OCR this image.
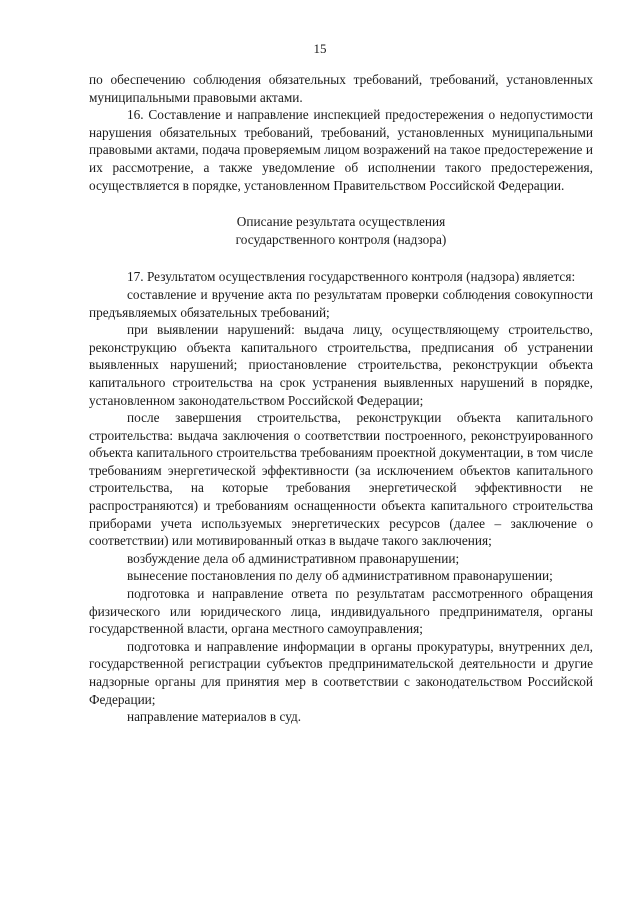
15

по обеспечению соблюдения обязательных требований, требований, установленных муниципальными правовыми актами.

16. Составление и направление инспекцией предостережения о недопустимости нарушения обязательных требований, требований, установленных муниципальными правовыми актами, подача проверяемым лицом возражений на такое предостережение и их рассмотрение, а также уведомление об исполнении такого предостережения, осуществляется в порядке, установленном Правительством Российской Федерации.

Описание результата осуществления
государственного контроля (надзора)

17. Результатом осуществления государственного контроля (надзора) является:

составление и вручение акта по результатам проверки соблюдения совокупности предъявляемых обязательных требований;

при выявлении нарушений: выдача лицу, осуществляющему строительство, реконструкцию объекта капитального строительства, предписания об устранении выявленных нарушений; приостановление строительства, реконструкции объекта капитального строительства на срок устранения выявленных нарушений в порядке, установленном законодательством Российской Федерации;

после завершения строительства, реконструкции объекта капитального строительства: выдача заключения о соответствии построенного, реконструированного объекта капитального строительства требованиям проектной документации, в том числе требованиям энергетической эффективности (за исключением объектов капитального строительства, на которые требования энергетической эффективности не распространяются) и требованиям оснащенности объекта капитального строительства приборами учета используемых энергетических ресурсов (далее – заключение о соответствии) или мотивированный отказ в выдаче такого заключения;

возбуждение дела об административном правонарушении;

вынесение постановления по делу об административном правонарушении;

подготовка и направление ответа по результатам рассмотренного обращения физического или юридического лица, индивидуального предпринимателя, органы государственной власти, органа местного самоуправления;

подготовка и направление информации в органы прокуратуры, внутренних дел, государственной регистрации субъектов предпринимательской деятельности и другие надзорные органы для принятия мер в соответствии с законодательством Российской Федерации;

направление материалов в суд.
